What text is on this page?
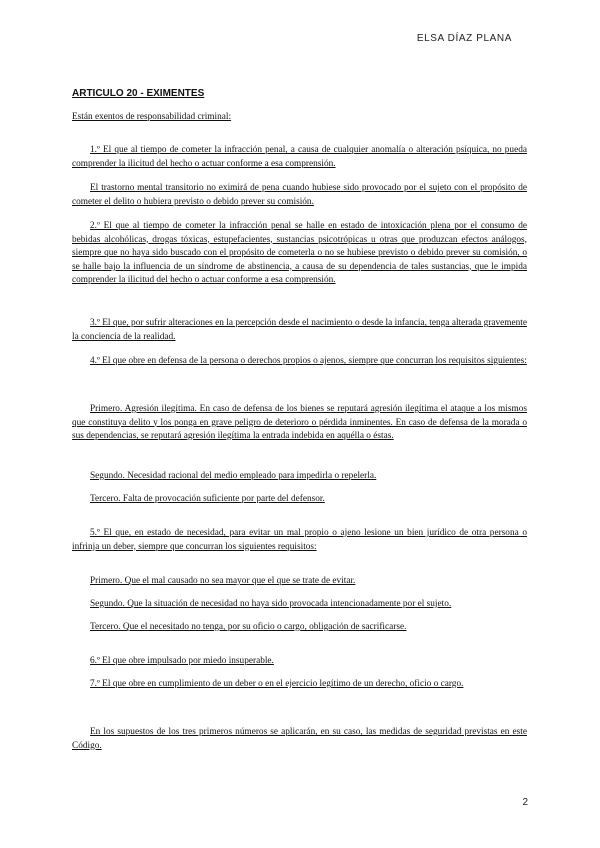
ELSA DÍAZ PLANA
ARTICULO 20 - EXIMENTES

Están exentos de responsabilidad criminal:

1.º El que al tiempo de cometer la infracción penal, a causa de cualquier anomalía o alteración psíquica, no pueda comprender la ilicitud del hecho o actuar conforme a esa comprensión.

El trastorno mental transitorio no eximirá de pena cuando hubiese sido provocado por el sujeto con el propósito de cometer el delito o hubiera previsto o debido prever su comisión.

2.º El que al tiempo de cometer la infracción penal se halle en estado de intoxicación plena por el consumo de bebidas alcohólicas, drogas tóxicas, estupefacientes, sustancias psicotrópicas u otras que produzcan efectos análogos, siempre que no haya sido buscado con el propósito de cometerla o no se hubiese previsto o debido prever su comisión, o se halle bajo la influencia de un síndrome de abstinencia, a causa de su dependencia de tales sustancias, que le impida comprender la ilicitud del hecho o actuar conforme a esa comprensión.

3.º El que, por sufrir alteraciones en la percepción desde el nacimiento o desde la infancia, tenga alterada gravemente la conciencia de la realidad.

4.º El que obre en defensa de la persona o derechos propios o ajenos, siempre que concurran los requisitos siguientes:

Primero. Agresión ilegítima. En caso de defensa de los bienes se reputará agresión ilegítima el ataque a los mismos que constituya delito y los ponga en grave peligro de deterioro o pérdida inminentes. En caso de defensa de la morada o sus dependencias, se reputará agresión ilegítima la entrada indebida en aquélla o éstas.

Segundo. Necesidad racional del medio empleado para impedirla o repelerla.

Tercero. Falta de provocación suficiente por parte del defensor.

5.º El que, en estado de necesidad, para evitar un mal propio o ajeno lesione un bien jurídico de otra persona o infrinja un deber, siempre que concurran los siguientes requisitos:

Primero. Que el mal causado no sea mayor que el que se trate de evitar.

Segundo. Que la situación de necesidad no haya sido provocada intencionadamente por el sujeto.

Tercero. Que el necesitado no tenga, por su oficio o cargo, obligación de sacrificarse.

6.º El que obre impulsado por miedo insuperable.

7.º El que obre en cumplimiento de un deber o en el ejercicio legítimo de un derecho, oficio o cargo.

En los supuestos de los tres primeros números se aplicarán, en su caso, las medidas de seguridad previstas en este Código.

2
